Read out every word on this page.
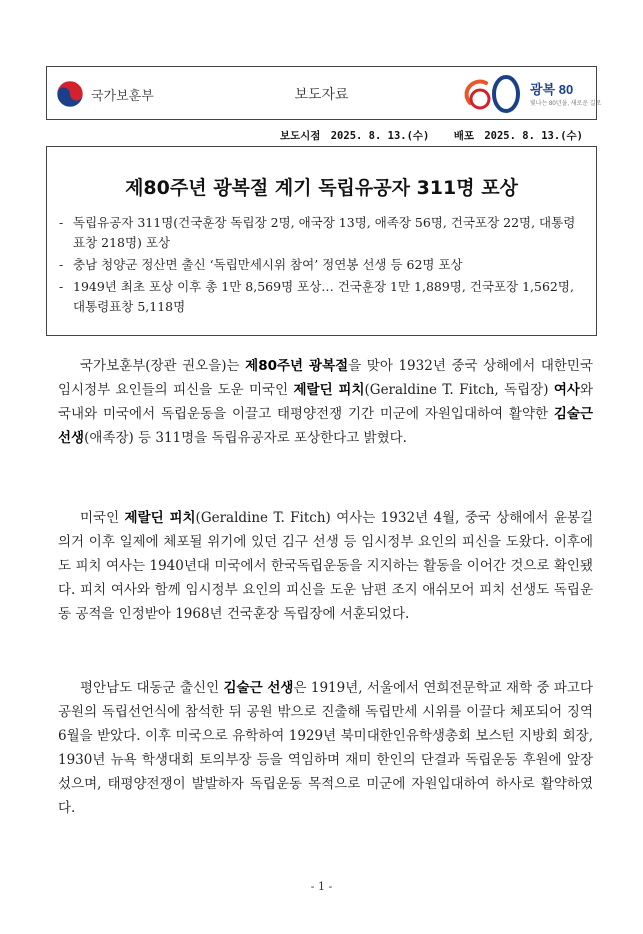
국가보훈부	보도자료	광복 80
빛나는 80년을, 새로운 길로
보도시점 2025. 8. 13.(수) 배포 2025. 8. 13.(수)
제80주년 광복절 계기 독립유공자 311명 포상
- 독립유공자 311명(건국훈장 독립장 2명, 애국장 13명, 애족장 56명, 건국포장 22명, 대통령표창 218명) 포상
- 충남 청양군 정산면 출신 ‘독립만세시위 참여’ 정연봉 선생 등 62명 포상
- 1949년 최초 포상 이후 총 1만 8,569명 포상… 건국훈장 1만 1,889명, 건국포장 1,562명, 대통령표창 5,118명

국가보훈부(장관 권오을)는 제80주년 광복절을 맞아 1932년 중국 상해에서 대한민국임시정부 요인들의 피신을 도운 미국인 제랄딘 피치(Geraldine T. Fitch, 독립장) 여사와 국내와 미국에서 독립운동을 이끌고 태평양전쟁 기간 미군에 자원입대하여 활약한 김술근 선생(애족장) 등 311명을 독립유공자로 포상한다고 밝혔다.

미국인 제랄딘 피치(Geraldine T. Fitch) 여사는 1932년 4월, 중국 상해에서 윤봉길 의거 이후 일제에 체포될 위기에 있던 김구 선생 등 임시정부 요인의 피신을 도왔다. 이후에도 피치 여사는 1940년대 미국에서 한국독립운동을 지지하는 활동을 이어간 것으로 확인됐다. 피치 여사와 함께 임시정부 요인의 피신을 도운 남편 조지 애쉬모어 피치 선생도 독립운동 공적을 인정받아 1968년 건국훈장 독립장에 서훈되었다.

평안남도 대동군 출신인 김술근 선생은 1919년, 서울에서 연희전문학교 재학 중 파고다 공원의 독립선언식에 참석한 뒤 공원 밖으로 진출해 독립만세 시위를 이끌다 체포되어 징역 6월을 받았다. 이후 미국으로 유학하여 1929년 북미대한인유학생총회 보스턴 지방회 회장, 1930년 뉴욕 학생대회 토의부장 등을 역임하며 재미 한인의 단결과 독립운동 후원에 앞장섰으며, 태평양전쟁이 발발하자 독립운동 목적으로 미군에 자원입대하여 하사로 활약하였다.

- 1 -
